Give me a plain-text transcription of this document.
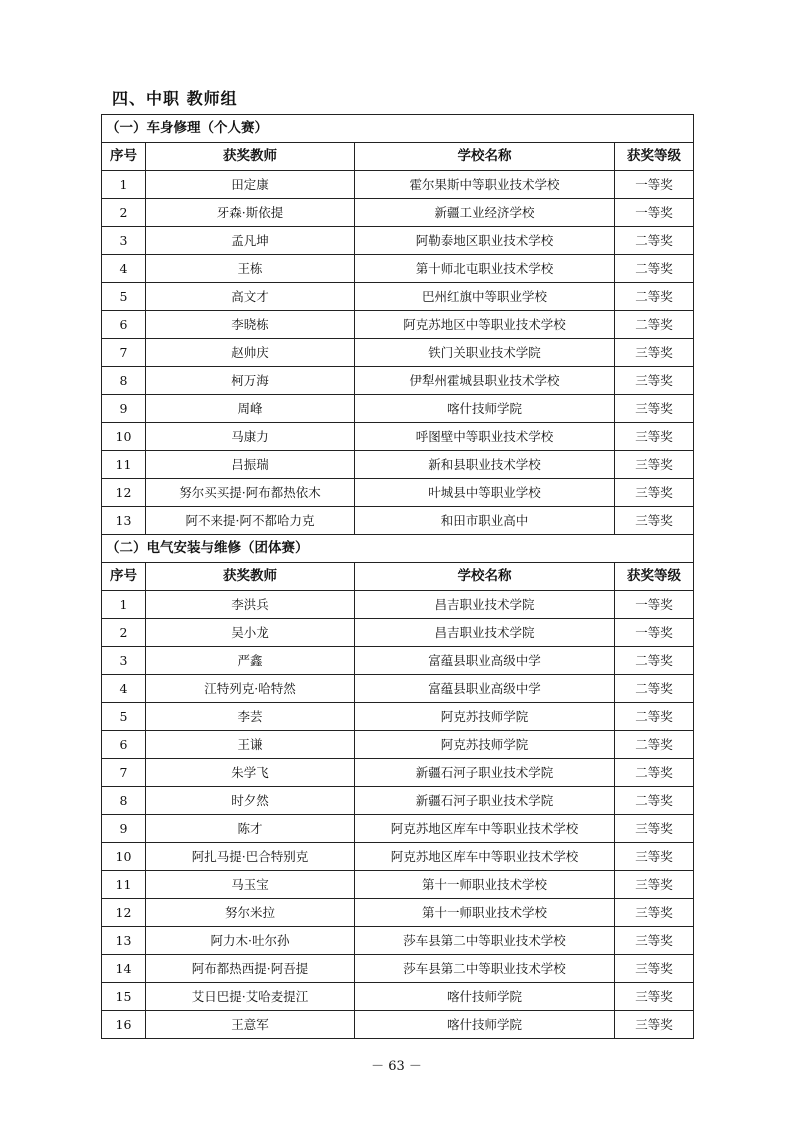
四、中职 教师组
（一）车身修理（个人赛）			
序号	获奖教师	学校名称	获奖等级
1	田定康	霍尔果斯中等职业技术学校	一等奖
2	牙森·斯依提	新疆工业经济学校	一等奖
3	孟凡坤	阿勒泰地区职业技术学校	二等奖
4	王栋	第十师北屯职业技术学校	二等奖
5	高文才	巴州红旗中等职业学校	二等奖
6	李晓栋	阿克苏地区中等职业技术学校	二等奖
7	赵帅庆	铁门关职业技术学院	三等奖
8	柯万海	伊犁州霍城县职业技术学校	三等奖
9	周峰	喀什技师学院	三等奖
10	马康力	呼图壁中等职业技术学校	三等奖
11	吕振瑞	新和县职业技术学校	三等奖
12	努尔买买提·阿布都热依木	叶城县中等职业学校	三等奖
13	阿不来提·阿不都哈力克	和田市职业高中	三等奖
（二）电气安装与维修（团体赛）			
序号	获奖教师	学校名称	获奖等级
1	李洪兵	昌吉职业技术学院	一等奖
2	吴小龙	昌吉职业技术学院	一等奖
3	严鑫	富蕴县职业高级中学	二等奖
4	江特列克·哈特然	富蕴县职业高级中学	二等奖
5	李芸	阿克苏技师学院	二等奖
6	王谦	阿克苏技师学院	二等奖
7	朱学飞	新疆石河子职业技术学院	二等奖
8	时夕然	新疆石河子职业技术学院	二等奖
9	陈才	阿克苏地区库车中等职业技术学校	三等奖
10	阿扎马提·巴合特别克	阿克苏地区库车中等职业技术学校	三等奖
11	马玉宝	第十一师职业技术学校	三等奖
12	努尔米拉	第十一师职业技术学校	三等奖
13	阿力木·吐尔孙	莎车县第二中等职业技术学校	三等奖
14	阿布都热西提·阿吾提	莎车县第二中等职业技术学校	三等奖
15	艾日巴提·艾哈麦提江	喀什技师学院	三等奖
16	王意军	喀什技师学院	三等奖
－ 63 －
